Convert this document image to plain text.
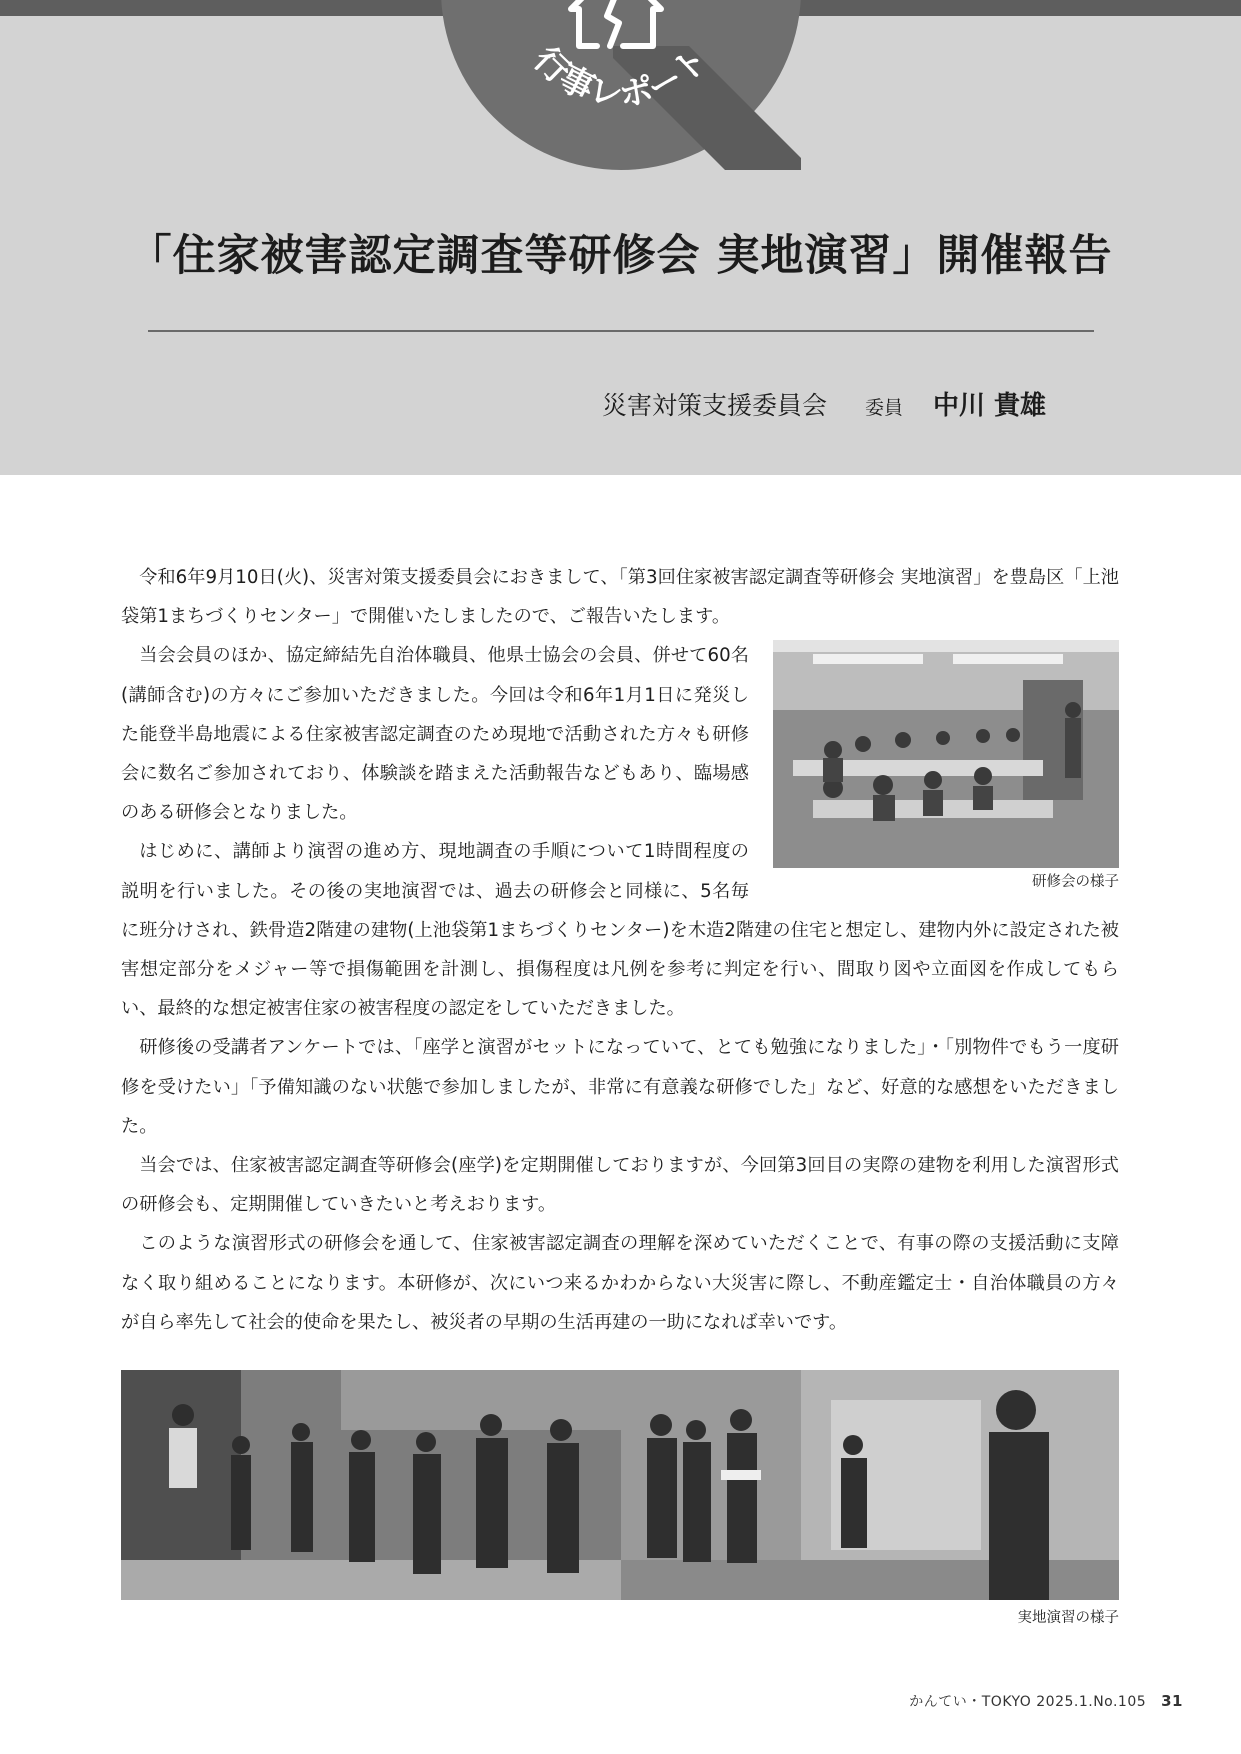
行事レポート
「住家被害認定調査等研修会 実地演習」開催報告
災害対策支援委員会 委員 中川 貴雄

令和6年9月10日(火)、災害対策支援委員会におきまして、「第3回住家被害認定調査等研修会 実地演習」を豊島区「上池袋第1まちづくりセンター」で開催いたしましたので、ご報告いたします。

研修会の様子

当会会員のほか、協定締結先自治体職員、他県士協会の会員、併せて60名(講師含む)の方々にご参加いただきました。今回は令和6年1月1日に発災した能登半島地震による住家被害認定調査のため現地で活動された方々も研修会に数名ご参加されており、体験談を踏まえた活動報告などもあり、臨場感のある研修会となりました。

はじめに、講師より演習の進め方、現地調査の手順について1時間程度の説明を行いました。その後の実地演習では、過去の研修会と同様に、5名毎に班分けされ、鉄骨造2階建の建物(上池袋第1まちづくりセンター)を木造2階建の住宅と想定し、建物内外に設定された被害想定部分をメジャー等で損傷範囲を計測し、損傷程度は凡例を参考に判定を行い、間取り図や立面図を作成してもらい、最終的な想定被害住家の被害程度の認定をしていただきました。

研修後の受講者アンケートでは、「座学と演習がセットになっていて、とても勉強になりました」・「別物件でもう一度研修を受けたい」「予備知識のない状態で参加しましたが、非常に有意義な研修でした」など、好意的な感想をいただきました。

当会では、住家被害認定調査等研修会(座学)を定期開催しておりますが、今回第3回目の実際の建物を利用した演習形式の研修会も、定期開催していきたいと考えおります。

このような演習形式の研修会を通して、住家被害認定調査の理解を深めていただくことで、有事の際の支援活動に支障なく取り組めることになります。本研修が、次にいつ来るかわからない大災害に際し、不動産鑑定士・自治体職員の方々が自ら率先して社会的使命を果たし、被災者の早期の生活再建の一助になれば幸いです。

実地演習の様子
かんてい・TOKYO 2025.1.No.105 31
